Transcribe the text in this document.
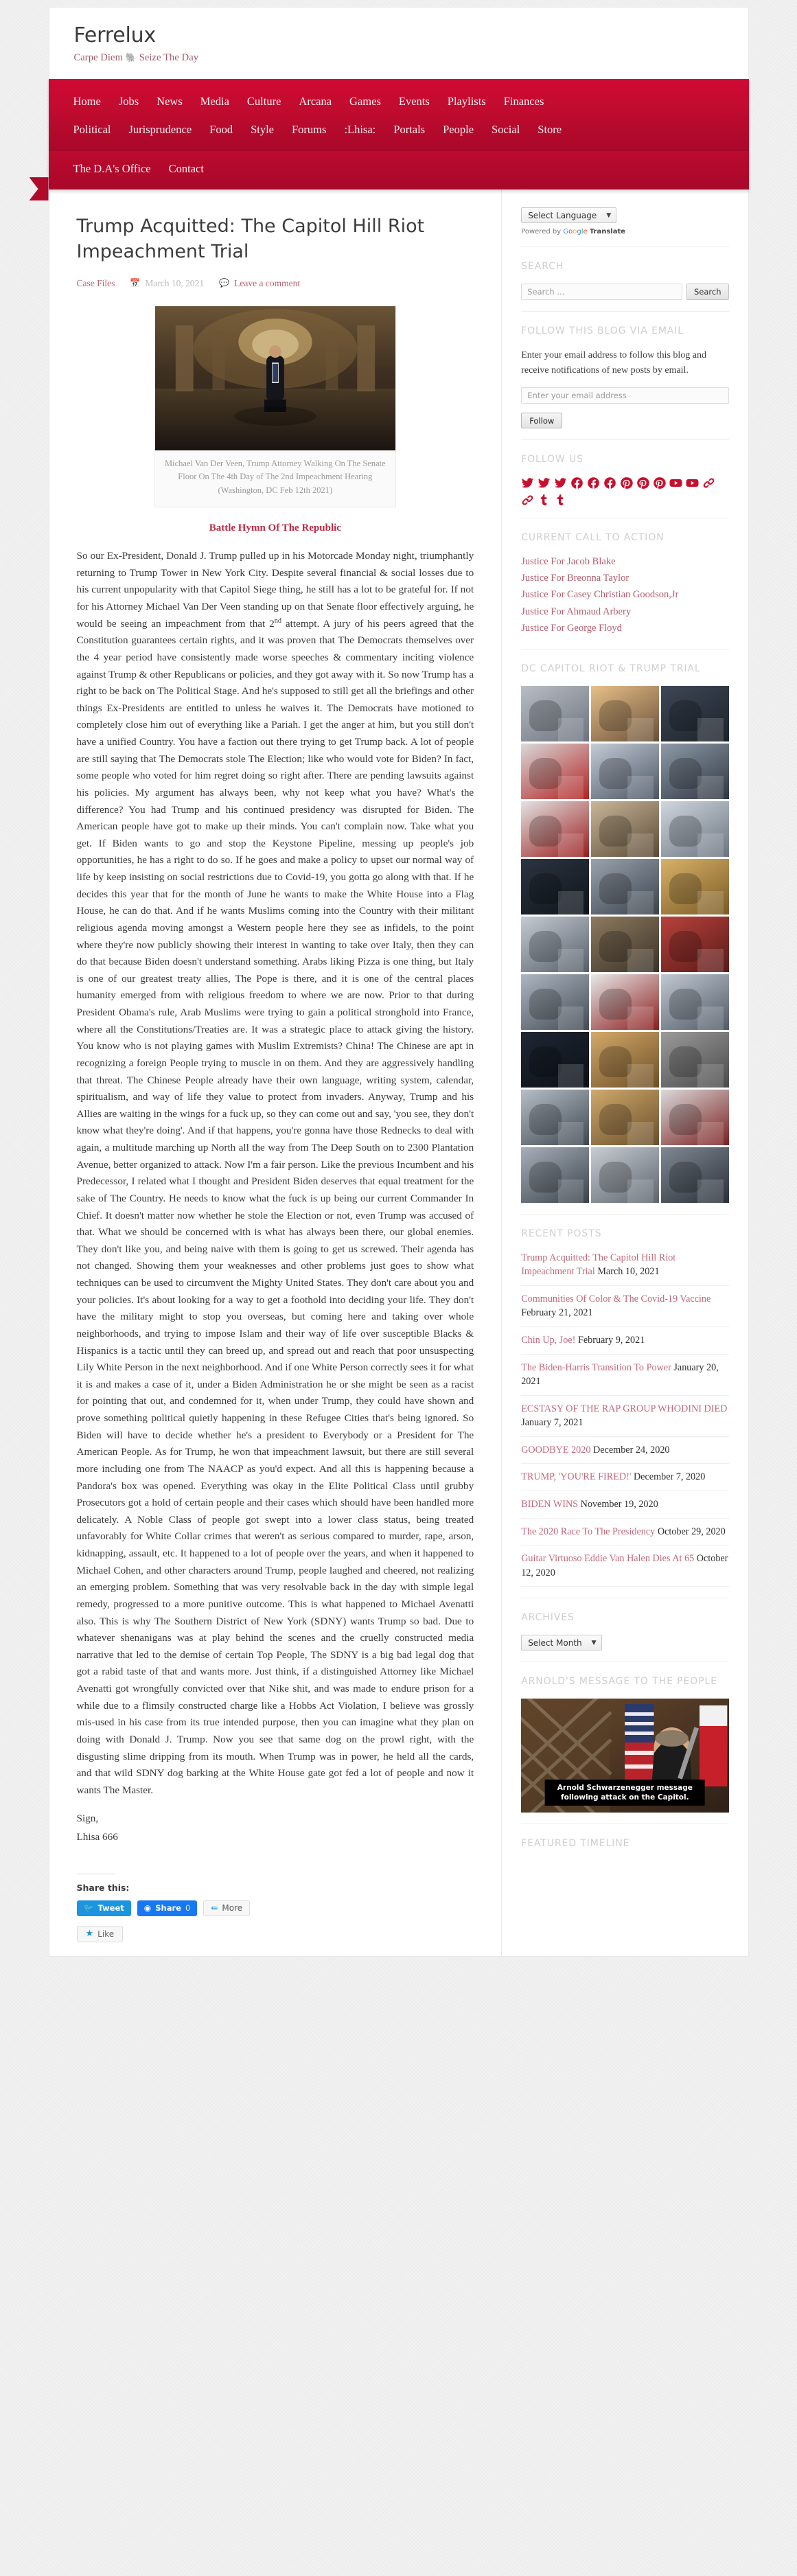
Ferrelux

Carpe Diem 🐘 Seize The Day

Home Jobs News Media Culture Arcana Games Events Playlists Finances
Political Jurisprudence Food Style Forums :Lhisa: Portals People Social Store
The D.A's Office Contact
Trump Acquitted: The Capitol Hill Riot Impeachment Trial
Case Files 📅 March 10, 2021 💬 Leave a comment
Michael Van Der Veen, Trump Attorney Walking On The Senate Floor On The 4th Day of The 2nd Impeachment Hearing (Washington, DC Feb 12th 2021)
Battle Hymn Of The Republic

So our Ex-President, Donald J. Trump pulled up in his Motorcade Monday night, triumphantly returning to Trump Tower in New York City. Despite several financial & social losses due to his current unpopularity with that Capitol Siege thing, he still has a lot to be grateful for. If not for his Attorney Michael Van Der Veen standing up on that Senate floor effectively arguing, he would be seeing an impeachment from that 2nd attempt. A jury of his peers agreed that the Constitution guarantees certain rights, and it was proven that The Democrats themselves over the 4 year period have consistently made worse speeches & commentary inciting violence against Trump & other Republicans or policies, and they got away with it. So now Trump has a right to be back on The Political Stage. And he's supposed to still get all the briefings and other things Ex-Presidents are entitled to unless he waives it. The Democrats have motioned to completely close him out of everything like a Pariah. I get the anger at him, but you still don't have a unified Country. You have a faction out there trying to get Trump back. A lot of people are still saying that The Democrats stole The Election; like who would vote for Biden? In fact, some people who voted for him regret doing so right after. There are pending lawsuits against his policies. My argument has always been, why not keep what you have? What's the difference? You had Trump and his continued presidency was disrupted for Biden. The American people have got to make up their minds. You can't complain now. Take what you get. If Biden wants to go and stop the Keystone Pipeline, messing up people's job opportunities, he has a right to do so. If he goes and make a policy to upset our normal way of life by keep insisting on social restrictions due to Covid-19, you gotta go along with that. If he decides this year that for the month of June he wants to make the White House into a Flag House, he can do that. And if he wants Muslims coming into the Country with their militant religious agenda moving amongst a Western people here they see as infidels, to the point where they're now publicly showing their interest in wanting to take over Italy, then they can do that because Biden doesn't understand something. Arabs liking Pizza is one thing, but Italy is one of our greatest treaty allies, The Pope is there, and it is one of the central places humanity emerged from with religious freedom to where we are now. Prior to that during President Obama's rule, Arab Muslims were trying to gain a political stronghold into France, where all the Constitutions/Treaties are. It was a strategic place to attack giving the history. You know who is not playing games with Muslim Extremists? China! The Chinese are apt in recognizing a foreign People trying to muscle in on them. And they are aggressively handling that threat. The Chinese People already have their own language, writing system, calendar, spiritualism, and way of life they value to protect from invaders. Anyway, Trump and his Allies are waiting in the wings for a fuck up, so they can come out and say, 'you see, they don't know what they're doing'. And if that happens, you're gonna have those Rednecks to deal with again, a multitude marching up North all the way from The Deep South on to 2300 Plantation Avenue, better organized to attack. Now I'm a fair person. Like the previous Incumbent and his Predecessor, I related what I thought and President Biden deserves that equal treatment for the sake of The Country. He needs to know what the fuck is up being our current Commander In Chief. It doesn't matter now whether he stole the Election or not, even Trump was accused of that. What we should be concerned with is what has always been there, our global enemies. They don't like you, and being naive with them is going to get us screwed. Their agenda has not changed. Showing them your weaknesses and other problems just goes to show what techniques can be used to circumvent the Mighty United States. They don't care about you and your policies. It's about looking for a way to get a foothold into deciding your life. They don't have the military might to stop you overseas, but coming here and taking over whole neighborhoods, and trying to impose Islam and their way of life over susceptible Blacks & Hispanics is a tactic until they can breed up, and spread out and reach that poor unsuspecting Lily White Person in the next neighborhood. And if one White Person correctly sees it for what it is and makes a case of it, under a Biden Administration he or she might be seen as a racist for pointing that out, and condemned for it, when under Trump, they could have shown and prove something political quietly happening in these Refugee Cities that's being ignored. So Biden will have to decide whether he's a president to Everybody or a President for The American People. As for Trump, he won that impeachment lawsuit, but there are still several more including one from The NAACP as you'd expect. And all this is happening because a Pandora's box was opened. Everything was okay in the Elite Political Class until grubby Prosecutors got a hold of certain people and their cases which should have been handled more delicately. A Noble Class of people got swept into a lower class status, being treated unfavorably for White Collar crimes that weren't as serious compared to murder, rape, arson, kidnapping, assault, etc. It happened to a lot of people over the years, and when it happened to Michael Cohen, and other characters around Trump, people laughed and cheered, not realizing an emerging problem. Something that was very resolvable back in the day with simple legal remedy, progressed to a more punitive outcome. This is what happened to Michael Avenatti also. This is why The Southern District of New York (SDNY) wants Trump so bad. Due to whatever shenanigans was at play behind the scenes and the cruelly constructed media narrative that led to the demise of certain Top People, The SDNY is a big bad legal dog that got a rabid taste of that and wants more. Just think, if a distinguished Attorney like Michael Avenatti got wrongfully convicted over that Nike shit, and was made to endure prison for a while due to a flimsily constructed charge like a Hobbs Act Violation, I believe was grossly mis-used in his case from its true intended purpose, then you can imagine what they plan on doing with Donald J. Trump. Now you see that same dog on the prowl right, with the disgusting slime dripping from its mouth. When Trump was in power, he held all the cards, and that wild SDNY dog barking at the White House gate got fed a lot of people and now it wants The Master.

Sign,

Lhisa 666

Share this:
🐦 Tweet ◉ Share 0	⇚ More
★ Like
Select Language ▼
Powered by Google Translate
SEARCH
Search ...	Search
FOLLOW THIS BLOG VIA EMAIL

Enter your email address to follow this blog and receive notifications of new posts by email.

Enter your email address
Follow
FOLLOW US
CURRENT CALL TO ACTION
Justice For Jacob Blake
Justice For Breonna Taylor
Justice For Casey Christian Goodson,Jr
Justice For Ahmaud Arbery
Justice For George Floyd
DC CAPITOL RIOT & TRUMP TRIAL
RECENT POSTS
Trump Acquitted: The Capitol Hill Riot Impeachment Trial March 10, 2021
Communities Of Color & The Covid-19 Vaccine February 21, 2021
Chin Up, Joe! February 9, 2021
The Biden-Harris Transition To Power January 20, 2021
ECSTASY OF THE RAP GROUP WHODINI DIED January 7, 2021
GOODBYE 2020 December 24, 2020
TRUMP, 'YOU'RE FIRED!' December 7, 2020
BIDEN WINS November 19, 2020
The 2020 Race To The Presidency October 29, 2020
Guitar Virtuoso Eddie Van Halen Dies At 65 October 12, 2020
ARCHIVES
Select Month ▼
ARNOLD'S MESSAGE TO THE PEOPLE
Arnold Schwarzenegger message
following attack on the Capitol.
FEATURED TIMELINE
